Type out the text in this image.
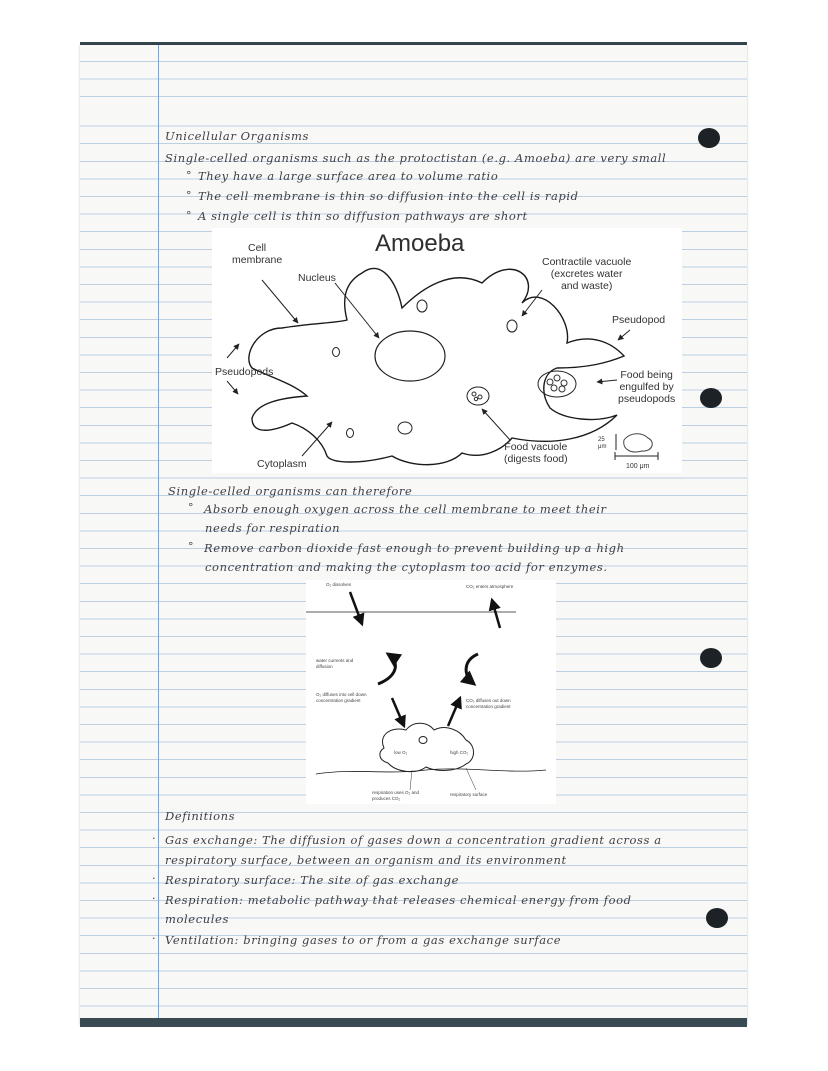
Unicellular Organisms
Single-celled organisms such as the protoctistan (e.g. Amoeba) are very small
° They have a large surface area to volume ratio
° The cell membrane is thin so diffusion into the cell is rapid
° A single cell is thin so diffusion pathways are short
Amoeba
Cell
membrane
Nucleus
Contractile vacuole
(excretes water
and waste)
Pseudopod
Pseudopods	Food being
engulfed by
pseudopods
Cytoplasm
Food vacuole
(digests food)
25
μm
100 μm
Single-celled organisms can therefore
° Absorb enough oxygen across the cell membrane to meet their
needs for respiration
° Remove carbon dioxide fast enough to prevent building up a high
concentration and making the cytoplasm too acid for enzymes.
O₂ dissolves	CO₂ enters atmosphere
water currents and
diffusion
O₂ diffuses into cell down
concentration gradient	CO₂ diffuses out down
concentration gradient
low O₂	high CO₂
respiration uses O₂ and
produces CO₂
respiratory surface
Definitions
· Gas exchange: The diffusion of gases down a concentration gradient across a
respiratory surface, between an organism and its environment
· Respiratory surface: The site of gas exchange
· Respiration: metabolic pathway that releases chemical energy from food
molecules
· Ventilation: bringing gases to or from a gas exchange surface
